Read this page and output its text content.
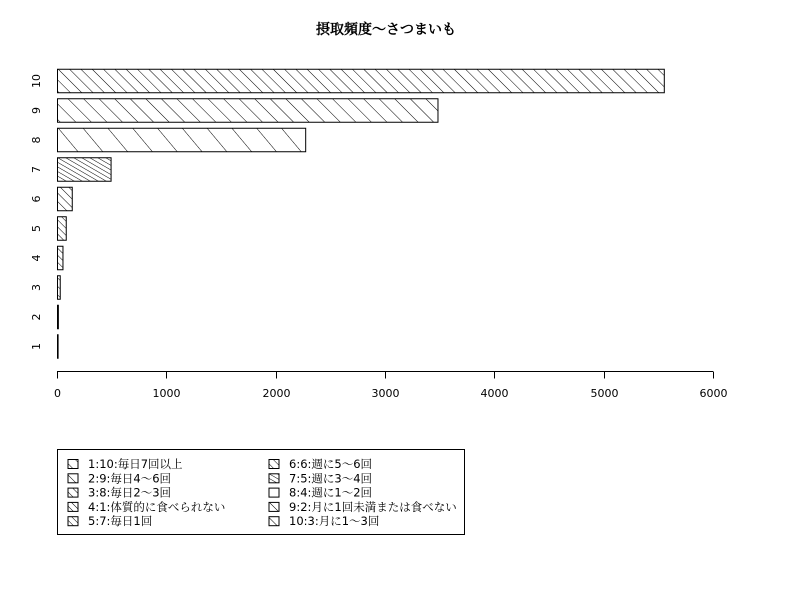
摂取頻度〜さつまいも
1
2
3
4
5
6
7
8
9
10
0	1000	2000	3000	4000	5000	6000
1:10:毎日7回以上
2:9:毎日4〜6回
3:8:毎日2〜3回
4:1:体質的に食べられない
5:7:毎日1回
6:6:週に5〜6回
7:5:週に3〜4回
8:4:週に1〜2回
9:2:月に1回未満または食べない
10:3:月に1〜3回
